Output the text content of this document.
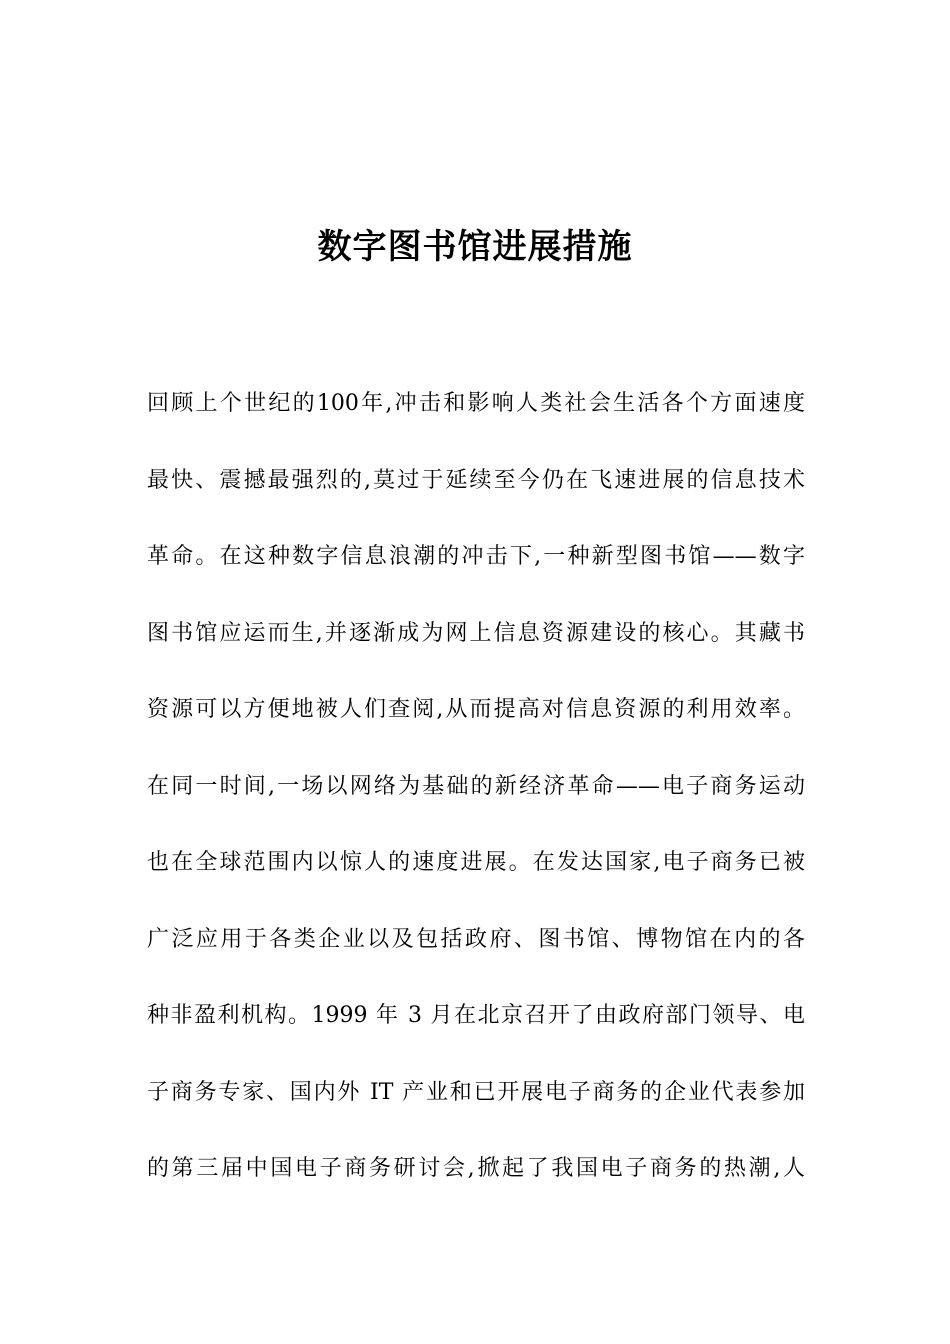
数字图书馆进展措施
回顾上个世纪的100年,冲击和影响人类社会生活各个方面速度
最快、震撼最强烈的,莫过于延续至今仍在飞速进展的信息技术
革命。在这种数字信息浪潮的冲击下,一种新型图书馆——数字
图书馆应运而生,并逐渐成为网上信息资源建设的核心。其藏书
资源可以方便地被人们查阅,从而提高对信息资源的利用效率。
在同一时间,一场以网络为基础的新经济革命——电子商务运动
也在全球范围内以惊人的速度进展。在发达国家,电子商务已被
广泛应用于各类企业以及包括政府、图书馆、博物馆在内的各
种非盈利机构。1999 年 3 月在北京召开了由政府部门领导、电
子商务专家、国内外 IT 产业和已开展电子商务的企业代表参加
的第三届中国电子商务研讨会,掀起了我国电子商务的热潮,人
